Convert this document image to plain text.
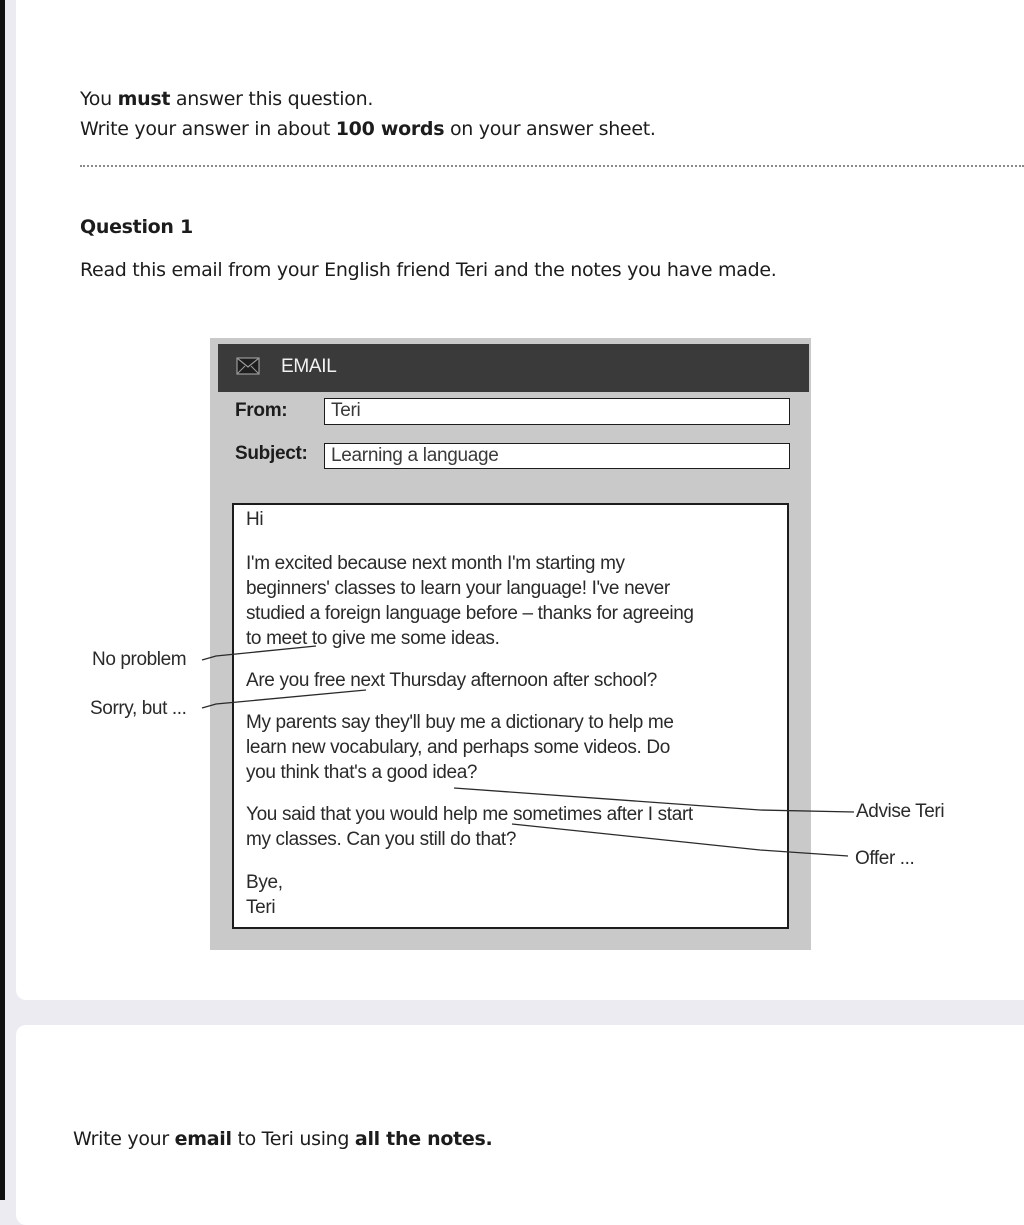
You must answer this question.
Write your answer in about 100 words on your answer sheet.
Question 1
Read this email from your English friend Teri and the notes you have made.
EMAIL
From:	Teri
Subject:	Learning a language
Hi
I'm excited because next month I'm starting my
beginners' classes to learn your language! I've never
studied a foreign language before – thanks for agreeing
to meet to give me some ideas.
Are you free next Thursday afternoon after school?
My parents say they'll buy me a dictionary to help me
learn new vocabulary, and perhaps some videos. Do
you think that's a good idea?
You said that you would help me sometimes after I start
my classes. Can you still do that?
Bye,
Teri
No problem
Sorry, but ...
Advise Teri
Offer ...
Write your email to Teri using all the notes.
